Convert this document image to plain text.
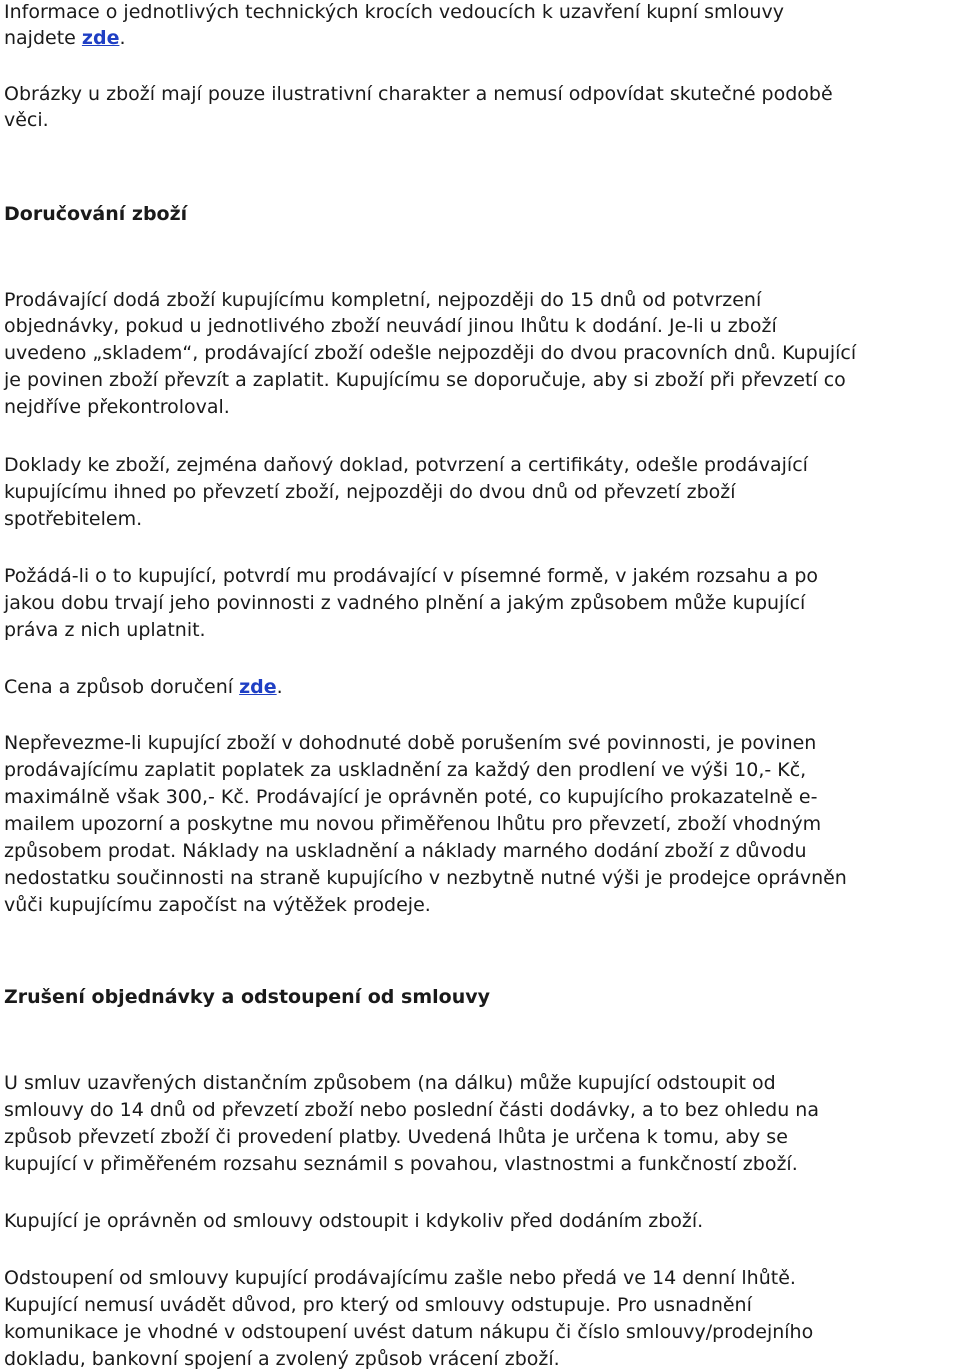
Informace o jednotlivých technických krocích vedoucích k uzavření kupní smlouvy
najdete zde.
Obrázky u zboží mají pouze ilustrativní charakter a nemusí odpovídat skutečné podobě
věci.
Doručování zboží
Prodávající dodá zboží kupujícímu kompletní, nejpozději do 15 dnů od potvrzení
objednávky, pokud u jednotlivého zboží neuvádí jinou lhůtu k dodání. Je-li u zboží
uvedeno „skladem“, prodávající zboží odešle nejpozději do dvou pracovních dnů. Kupující
je povinen zboží převzít a zaplatit. Kupujícímu se doporučuje, aby si zboží při převzetí co
nejdříve překontroloval.
Doklady ke zboží, zejména daňový doklad, potvrzení a certifikáty, odešle prodávající
kupujícímu ihned po převzetí zboží, nejpozději do dvou dnů od převzetí zboží
spotřebitelem.
Požádá-li o to kupující, potvrdí mu prodávající v písemné formě, v jakém rozsahu a po
jakou dobu trvají jeho povinnosti z vadného plnění a jakým způsobem může kupující
práva z nich uplatnit.
Cena a způsob doručení zde.
Nepřevezme-li kupující zboží v dohodnuté době porušením své povinnosti, je povinen
prodávajícímu zaplatit poplatek za uskladnění za každý den prodlení ve výši 10,- Kč,
maximálně však 300,- Kč. Prodávající je oprávněn poté, co kupujícího prokazatelně e-
mailem upozorní a poskytne mu novou přiměřenou lhůtu pro převzetí, zboží vhodným
způsobem prodat. Náklady na uskladnění a náklady marného dodání zboží z důvodu
nedostatku součinnosti na straně kupujícího v nezbytně nutné výši je prodejce oprávněn
vůči kupujícímu započíst na výtěžek prodeje.
Zrušení objednávky a odstoupení od smlouvy
U smluv uzavřených distančním způsobem (na dálku) může kupující odstoupit od
smlouvy do 14 dnů od převzetí zboží nebo poslední části dodávky, a to bez ohledu na
způsob převzetí zboží či provedení platby. Uvedená lhůta je určena k tomu, aby se
kupující v přiměřeném rozsahu seznámil s povahou, vlastnostmi a funkčností zboží.
Kupující je oprávněn od smlouvy odstoupit i kdykoliv před dodáním zboží.
Odstoupení od smlouvy kupující prodávajícímu zašle nebo předá ve 14 denní lhůtě.
Kupující nemusí uvádět důvod, pro který od smlouvy odstupuje. Pro usnadnění
komunikace je vhodné v odstoupení uvést datum nákupu či číslo smlouvy/prodejního
dokladu, bankovní spojení a zvolený způsob vrácení zboží.
